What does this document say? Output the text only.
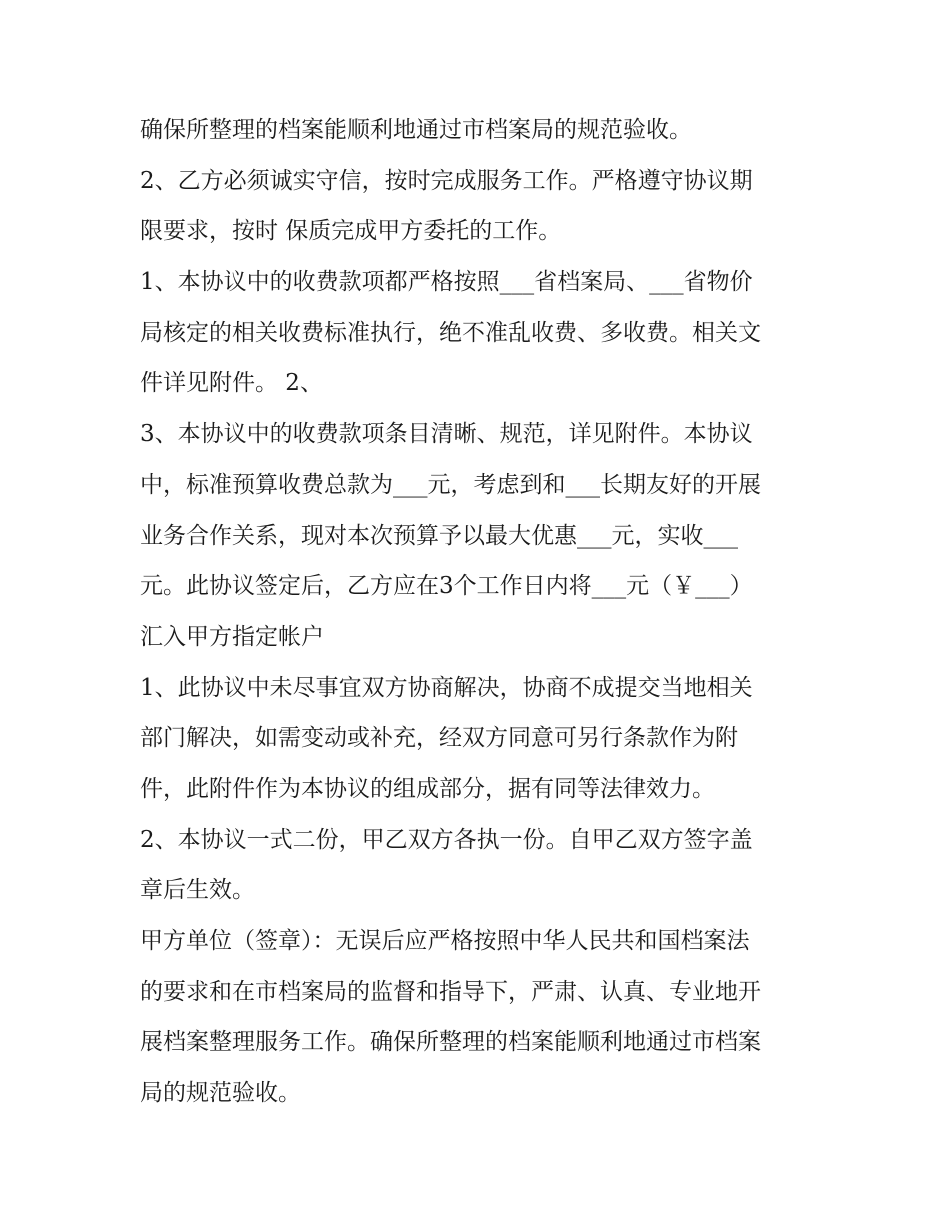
确保所整理的档案能顺利地通过市档案局的规范验收。
2、乙方必须诚实守信，按时完成服务工作。严格遵守协议期
限要求，按时 保质完成甲方委托的工作。
1、本协议中的收费款项都严格按照___省档案局、___省物价
局核定的相关收费标准执行，绝不准乱收费、多收费。相关文
件详见附件。 2、
3、本协议中的收费款项条目清晰、规范，详见附件。本协议
中，标准预算收费总款为___元，考虑到和___长期友好的开展
业务合作关系，现对本次预算予以最大优惠___元，实收___
元。此协议签定后，乙方应在3个工作日内将___元（￥___）
汇入甲方指定帐户
1、此协议中未尽事宜双方协商解决，协商不成提交当地相关
部门解决，如需变动或补充，经双方同意可另行条款作为附
件，此附件作为本协议的组成部分，据有同等法律效力。
2、本协议一式二份，甲乙双方各执一份。自甲乙双方签字盖
章后生效。
甲方单位（签章）：无误后应严格按照中华人民共和国档案法
的要求和在市档案局的监督和指导下，严肃、认真、专业地开
展档案整理服务工作。确保所整理的档案能顺利地通过市档案
局的规范验收。
